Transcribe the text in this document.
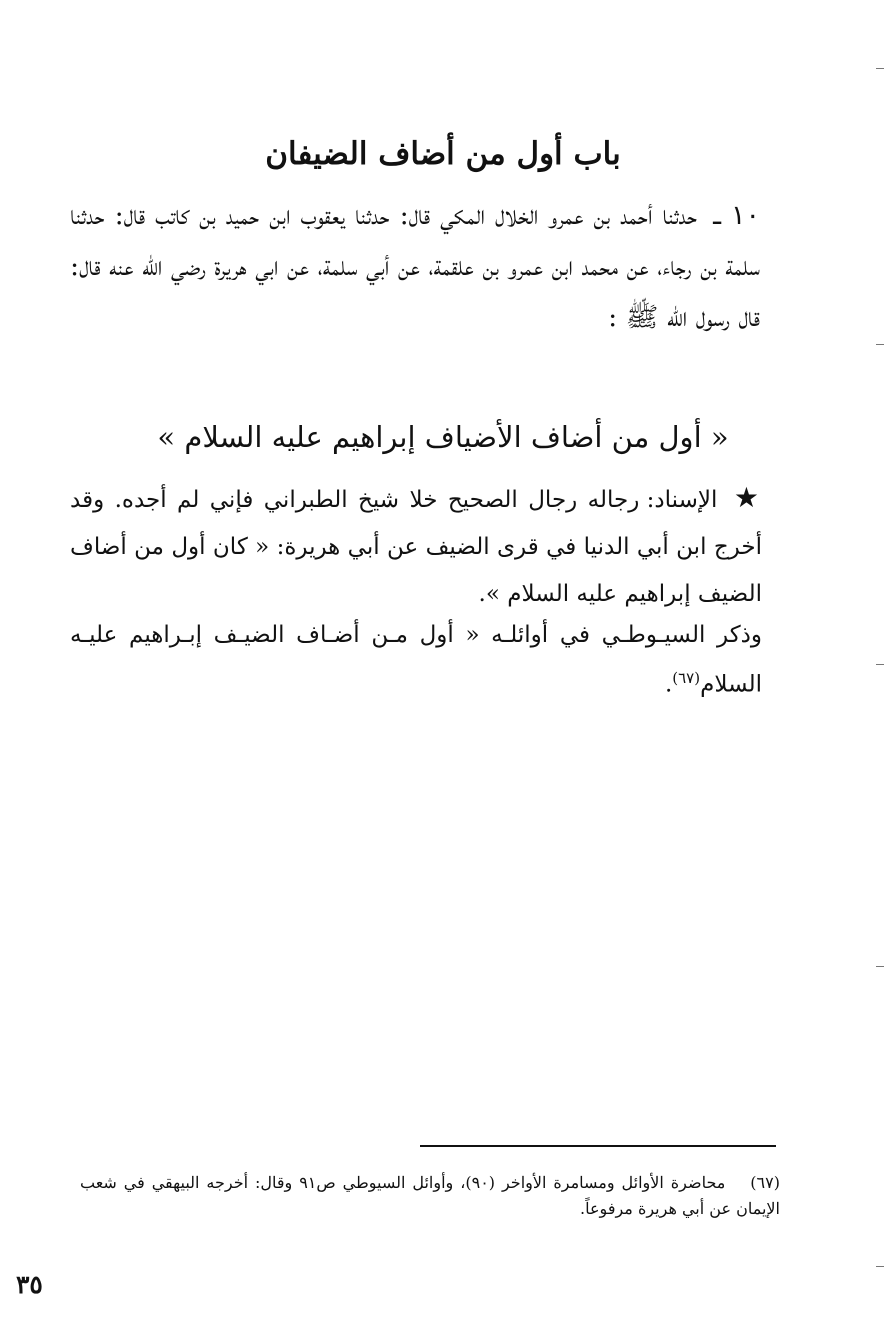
باب أول من أضاف الضيفان

١٠ ـ حدثنا أحمد بن عمرو الخلال المكي قال: حدثنا يعقوب ابن حميد بن كاتب قال: حدثنا سلمة بن رجاء، عن محمد ابن عمرو بن علقمة، عن أبي سلمة، عن ابي هريرة رضي الله عنه قال: قال رسول الله ﷺ :

« أول من أضاف الأضياف إبراهيم عليه السلام »

★ الإسناد: رجاله رجال الصحيح خلا شيخ الطبراني فإني لم أجده. وقد أخرج ابن أبي الدنيا في قرى الضيف عن أبي هريرة: « كان أول من أضاف الضيف إبراهيم عليه السلام ».

وذكر السيـوطـي في أوائلـه « أول مـن أضـاف الضيـف إبـراهيم عليـه السلام$^{(٦٧)}$.

(٦٧) محاضرة الأوائل ومسامرة الأواخر (٩٠)، وأوائل السيوطي ص٩١ وقال: أخرجه البيهقي في شعب الإيمان عن أبي هريرة مرفوعاً.

٣٥
